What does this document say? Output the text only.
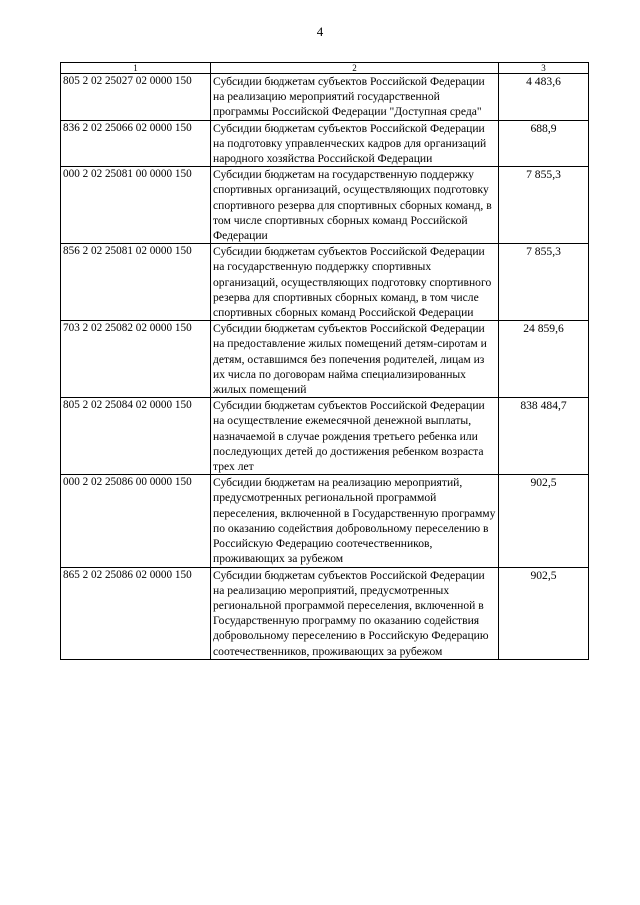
4
1	2	3
805 2 02 25027 02 0000 150	Субсидии бюджетам субъектов Российской Федерации на реализацию мероприятий государственной программы Российской Федерации "Доступная среда"	4 483,6
836 2 02 25066 02 0000 150	Субсидии бюджетам субъектов Российской Федерации на подготовку управленческих кадров для организаций народного хозяйства Российской Федерации	688,9
000 2 02 25081 00 0000 150	Субсидии бюджетам на государственную поддержку спортивных организаций, осуществляющих подготовку спортивного резерва для спортивных сборных команд, в том числе спортивных сборных команд Российской Федерации	7 855,3
856 2 02 25081 02 0000 150	Субсидии бюджетам субъектов Российской Федерации на государственную поддержку спортивных организаций, осуществляющих подготовку спортивного резерва для спортивных сборных команд, в том числе спортивных сборных команд Российской Федерации	7 855,3
703 2 02 25082 02 0000 150	Субсидии бюджетам субъектов Российской Федерации на предоставление жилых помещений детям-сиротам и детям, оставшимся без попечения родителей, лицам из их числа по договорам найма специализированных жилых помещений	24 859,6
805 2 02 25084 02 0000 150	Субсидии бюджетам субъектов Российской Федерации на осуществление ежемесячной денежной выплаты, назначаемой в случае рождения третьего ребенка или последующих детей до достижения ребенком возраста трех лет	838 484,7
000 2 02 25086 00 0000 150	Субсидии бюджетам на реализацию мероприятий, предусмотренных региональной программой переселения, включенной в Государственную программу по оказанию содействия добровольному переселению в Российскую Федерацию соотечественников, проживающих за рубежом	902,5
865 2 02 25086 02 0000 150	Субсидии бюджетам субъектов Российской Федерации на реализацию мероприятий, предусмотренных региональной программой переселения, включенной в Государственную программу по оказанию содействия добровольному переселению в Российскую Федерацию соотечественников, проживающих за рубежом	902,5
